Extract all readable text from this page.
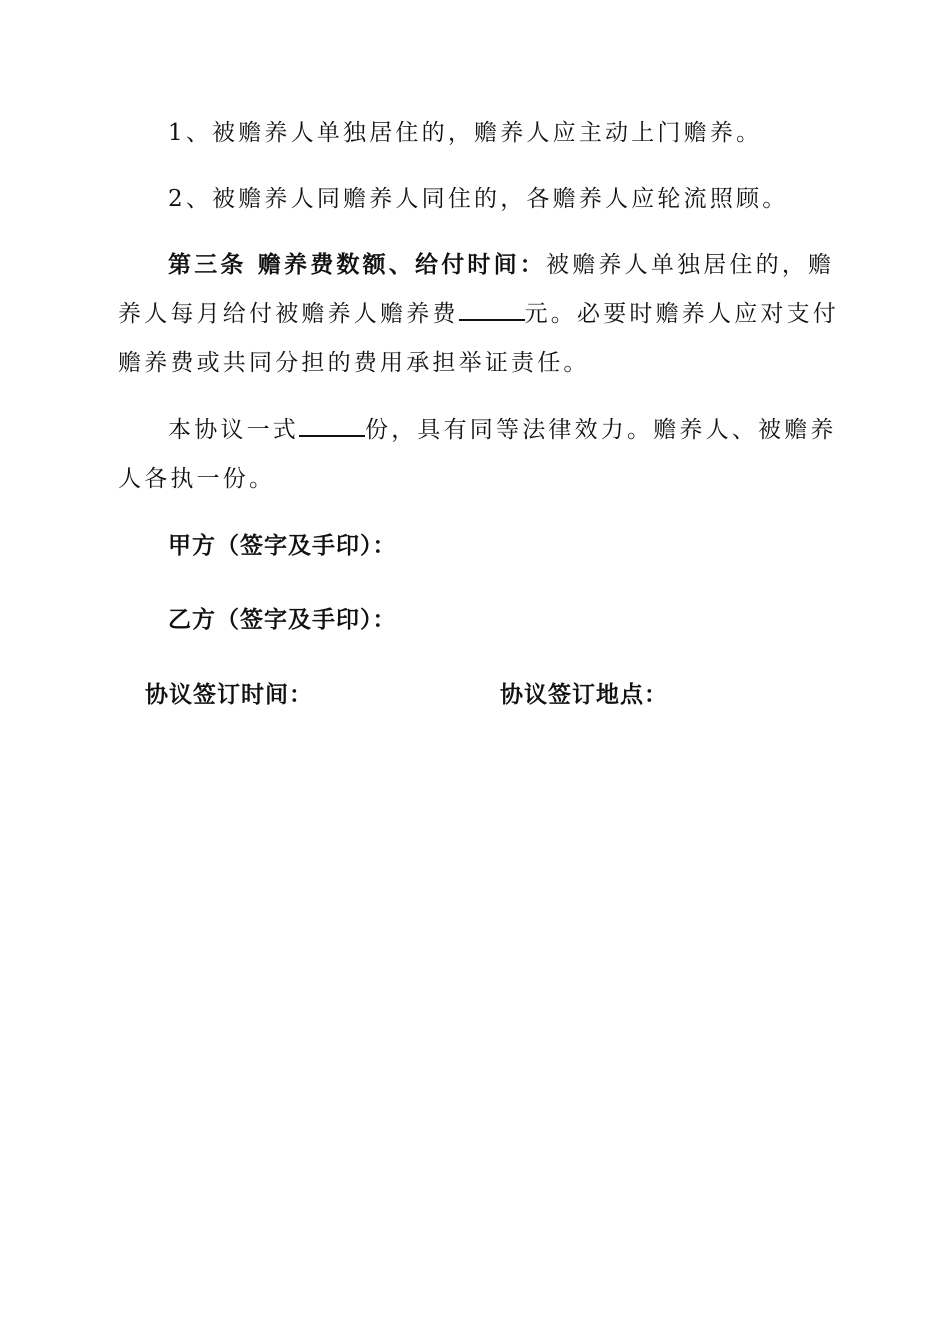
1、被赡养人单独居住的，赡养人应主动上门赡养。
2、被赡养人同赡养人同住的，各赡养人应轮流照顾。
第三条 赡养费数额、给付时间：被赡养人单独居住的，赡
养人每月给付被赡养人赡养费	元。必要时赡养人应对支付
赡养费或共同分担的费用承担举证责任。
本协议一式	份，具有同等法律效力。赡养人、被赡养
人各执一份。
甲方（签字及手印）：
乙方（签字及手印）：
协议签订时间：	协议签订地点：
